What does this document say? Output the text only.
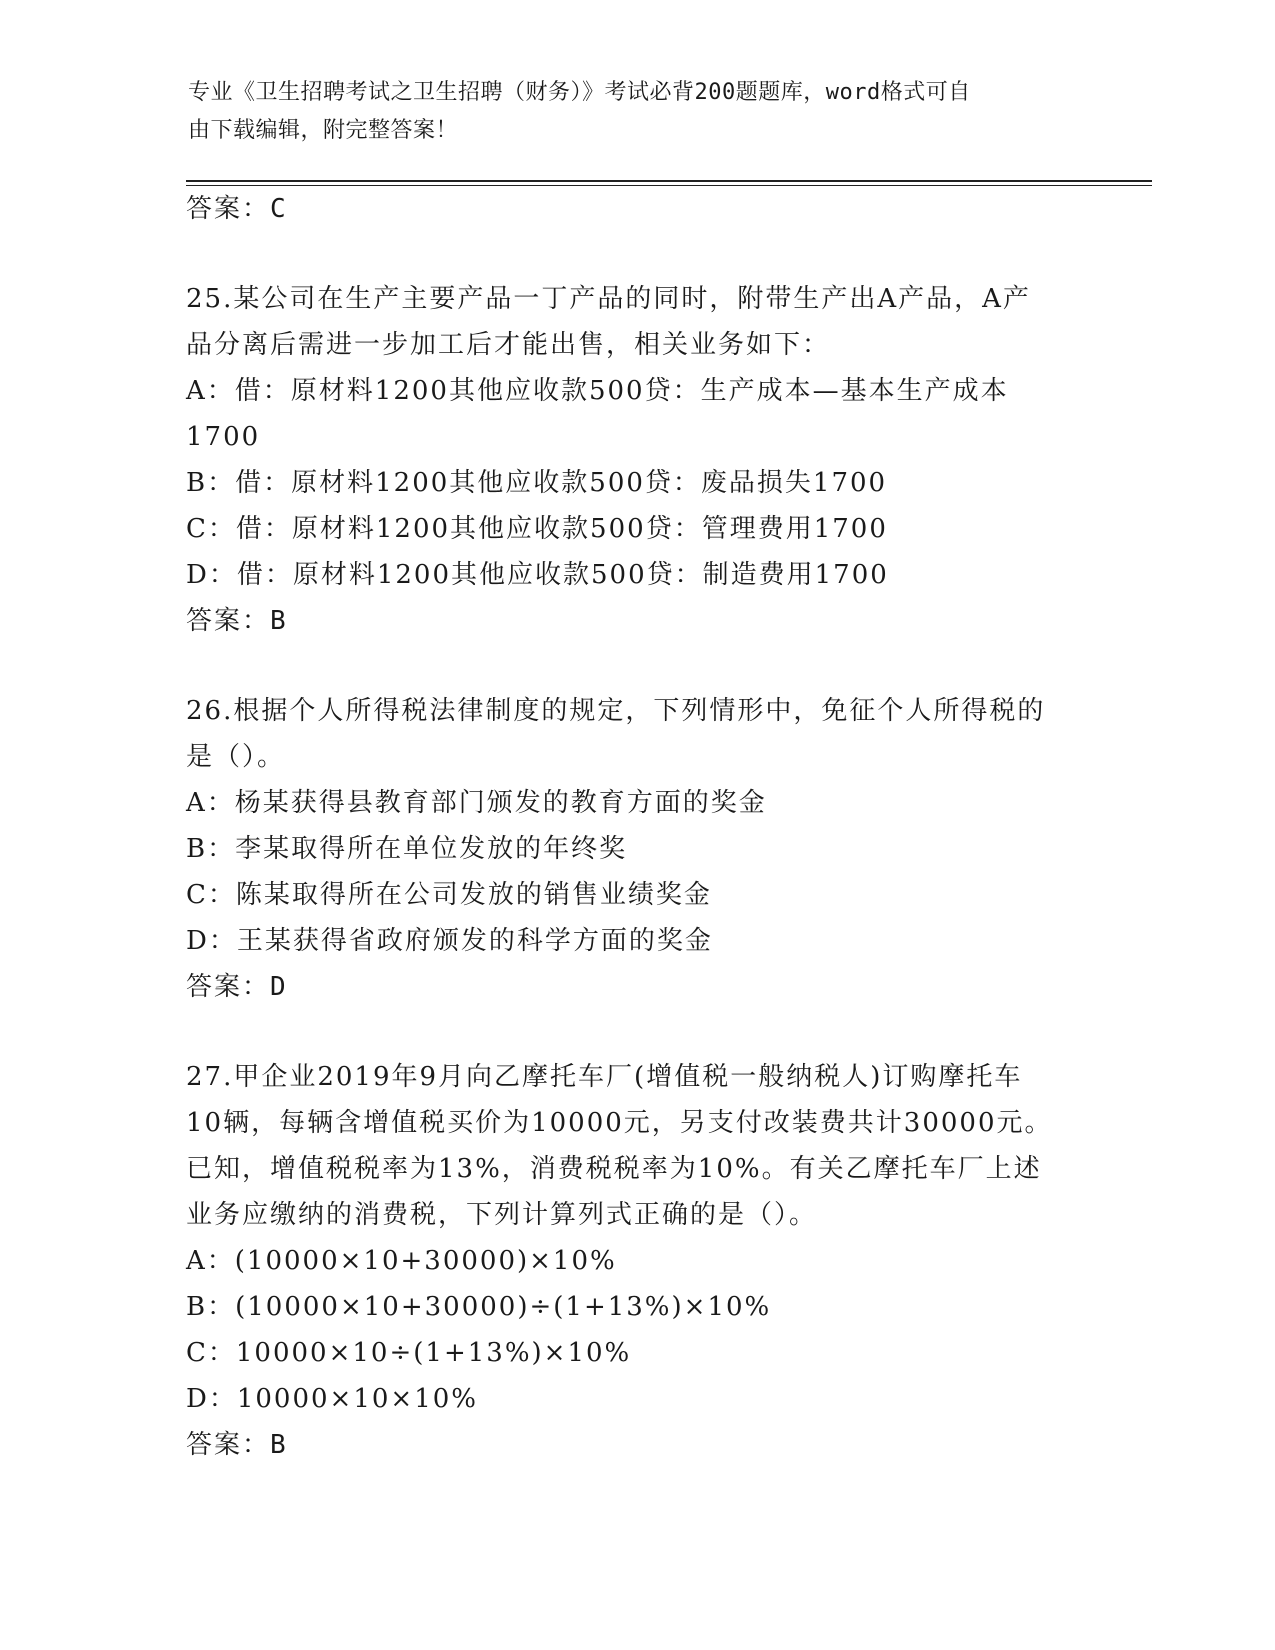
专业《卫生招聘考试之卫生招聘（财务）》考试必背200题题库，word格式可自
由下载编辑，附完整答案！
答案：C
25.某公司在生产主要产品一丁产品的同时，附带生产出A产品，A产
品分离后需进一步加工后才能出售，相关业务如下：
A：借：原材料1200其他应收款500贷：生产成本—基本生产成本
1700
B：借：原材料1200其他应收款500贷：废品损失1700
C：借：原材料1200其他应收款500贷：管理费用1700
D：借：原材料1200其他应收款500贷：制造费用1700
答案：B
26.根据个人所得税法律制度的规定，下列情形中，免征个人所得税的
是（）。
A：杨某获得县教育部门颁发的教育方面的奖金
B：李某取得所在单位发放的年终奖
C：陈某取得所在公司发放的销售业绩奖金
D：王某获得省政府颁发的科学方面的奖金
答案：D
27.甲企业2019年9月向乙摩托车厂(增值税一般纳税人)订购摩托车
10辆，每辆含增值税买价为10000元，另支付改装费共计30000元。
已知，增值税税率为13%，消费税税率为10%。有关乙摩托车厂上述
业务应缴纳的消费税，下列计算列式正确的是（）。
A：(10000×10+30000)×10%
B：(10000×10+30000)÷(1+13%)×10%
C：10000×10÷(1+13%)×10%
D：10000×10×10%
答案：B
